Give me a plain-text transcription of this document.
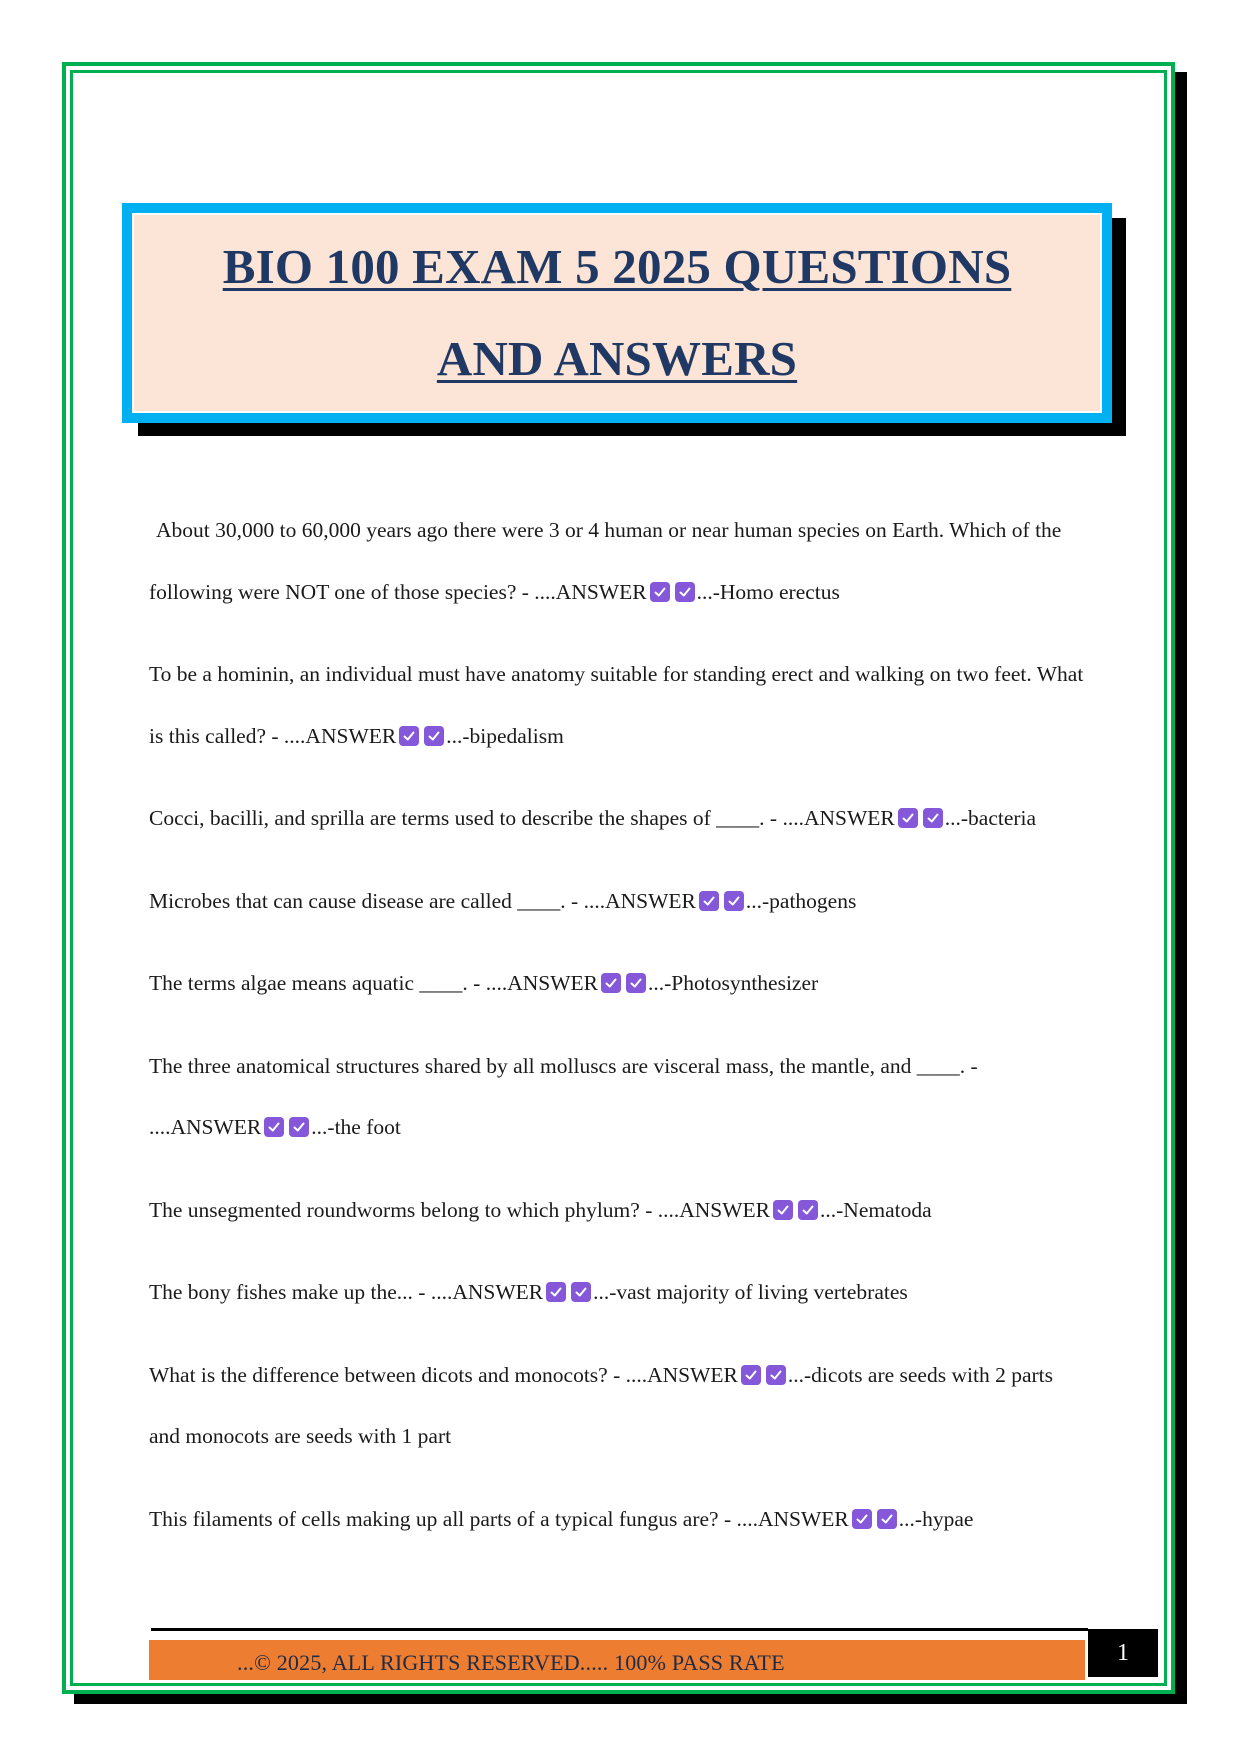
BIO 100 EXAM 5 2025 QUESTIONS
AND ANSWERS
About 30,000 to 60,000 years ago there were 3 or 4 human or near human species on Earth. Which of the following were NOT one of those species? - ....ANSWER ...-Homo erectus
To be a hominin, an individual must have anatomy suitable for standing erect and walking on two feet. What is this called? - ....ANSWER ...-bipedalism
Cocci, bacilli, and sprilla are terms used to describe the shapes of ____. - ....ANSWER ...-bacteria
Microbes that can cause disease are called ____. - ....ANSWER ...-pathogens
The terms algae means aquatic ____. - ....ANSWER ...-Photosynthesizer
The three anatomical structures shared by all molluscs are visceral mass, the mantle, and ____. - ....ANSWER ...-the foot
The unsegmented roundworms belong to which phylum? - ....ANSWER ...-Nematoda
The bony fishes make up the... - ....ANSWER ...-vast majority of living vertebrates
What is the difference between dicots and monocots? - ....ANSWER ...-dicots are seeds with 2 parts and monocots are seeds with 1 part
This filaments of cells making up all parts of a typical fungus are? - ....ANSWER ...-hypae
...© 2025, ALL RIGHTS RESERVED..... 100% PASS RATE	1
